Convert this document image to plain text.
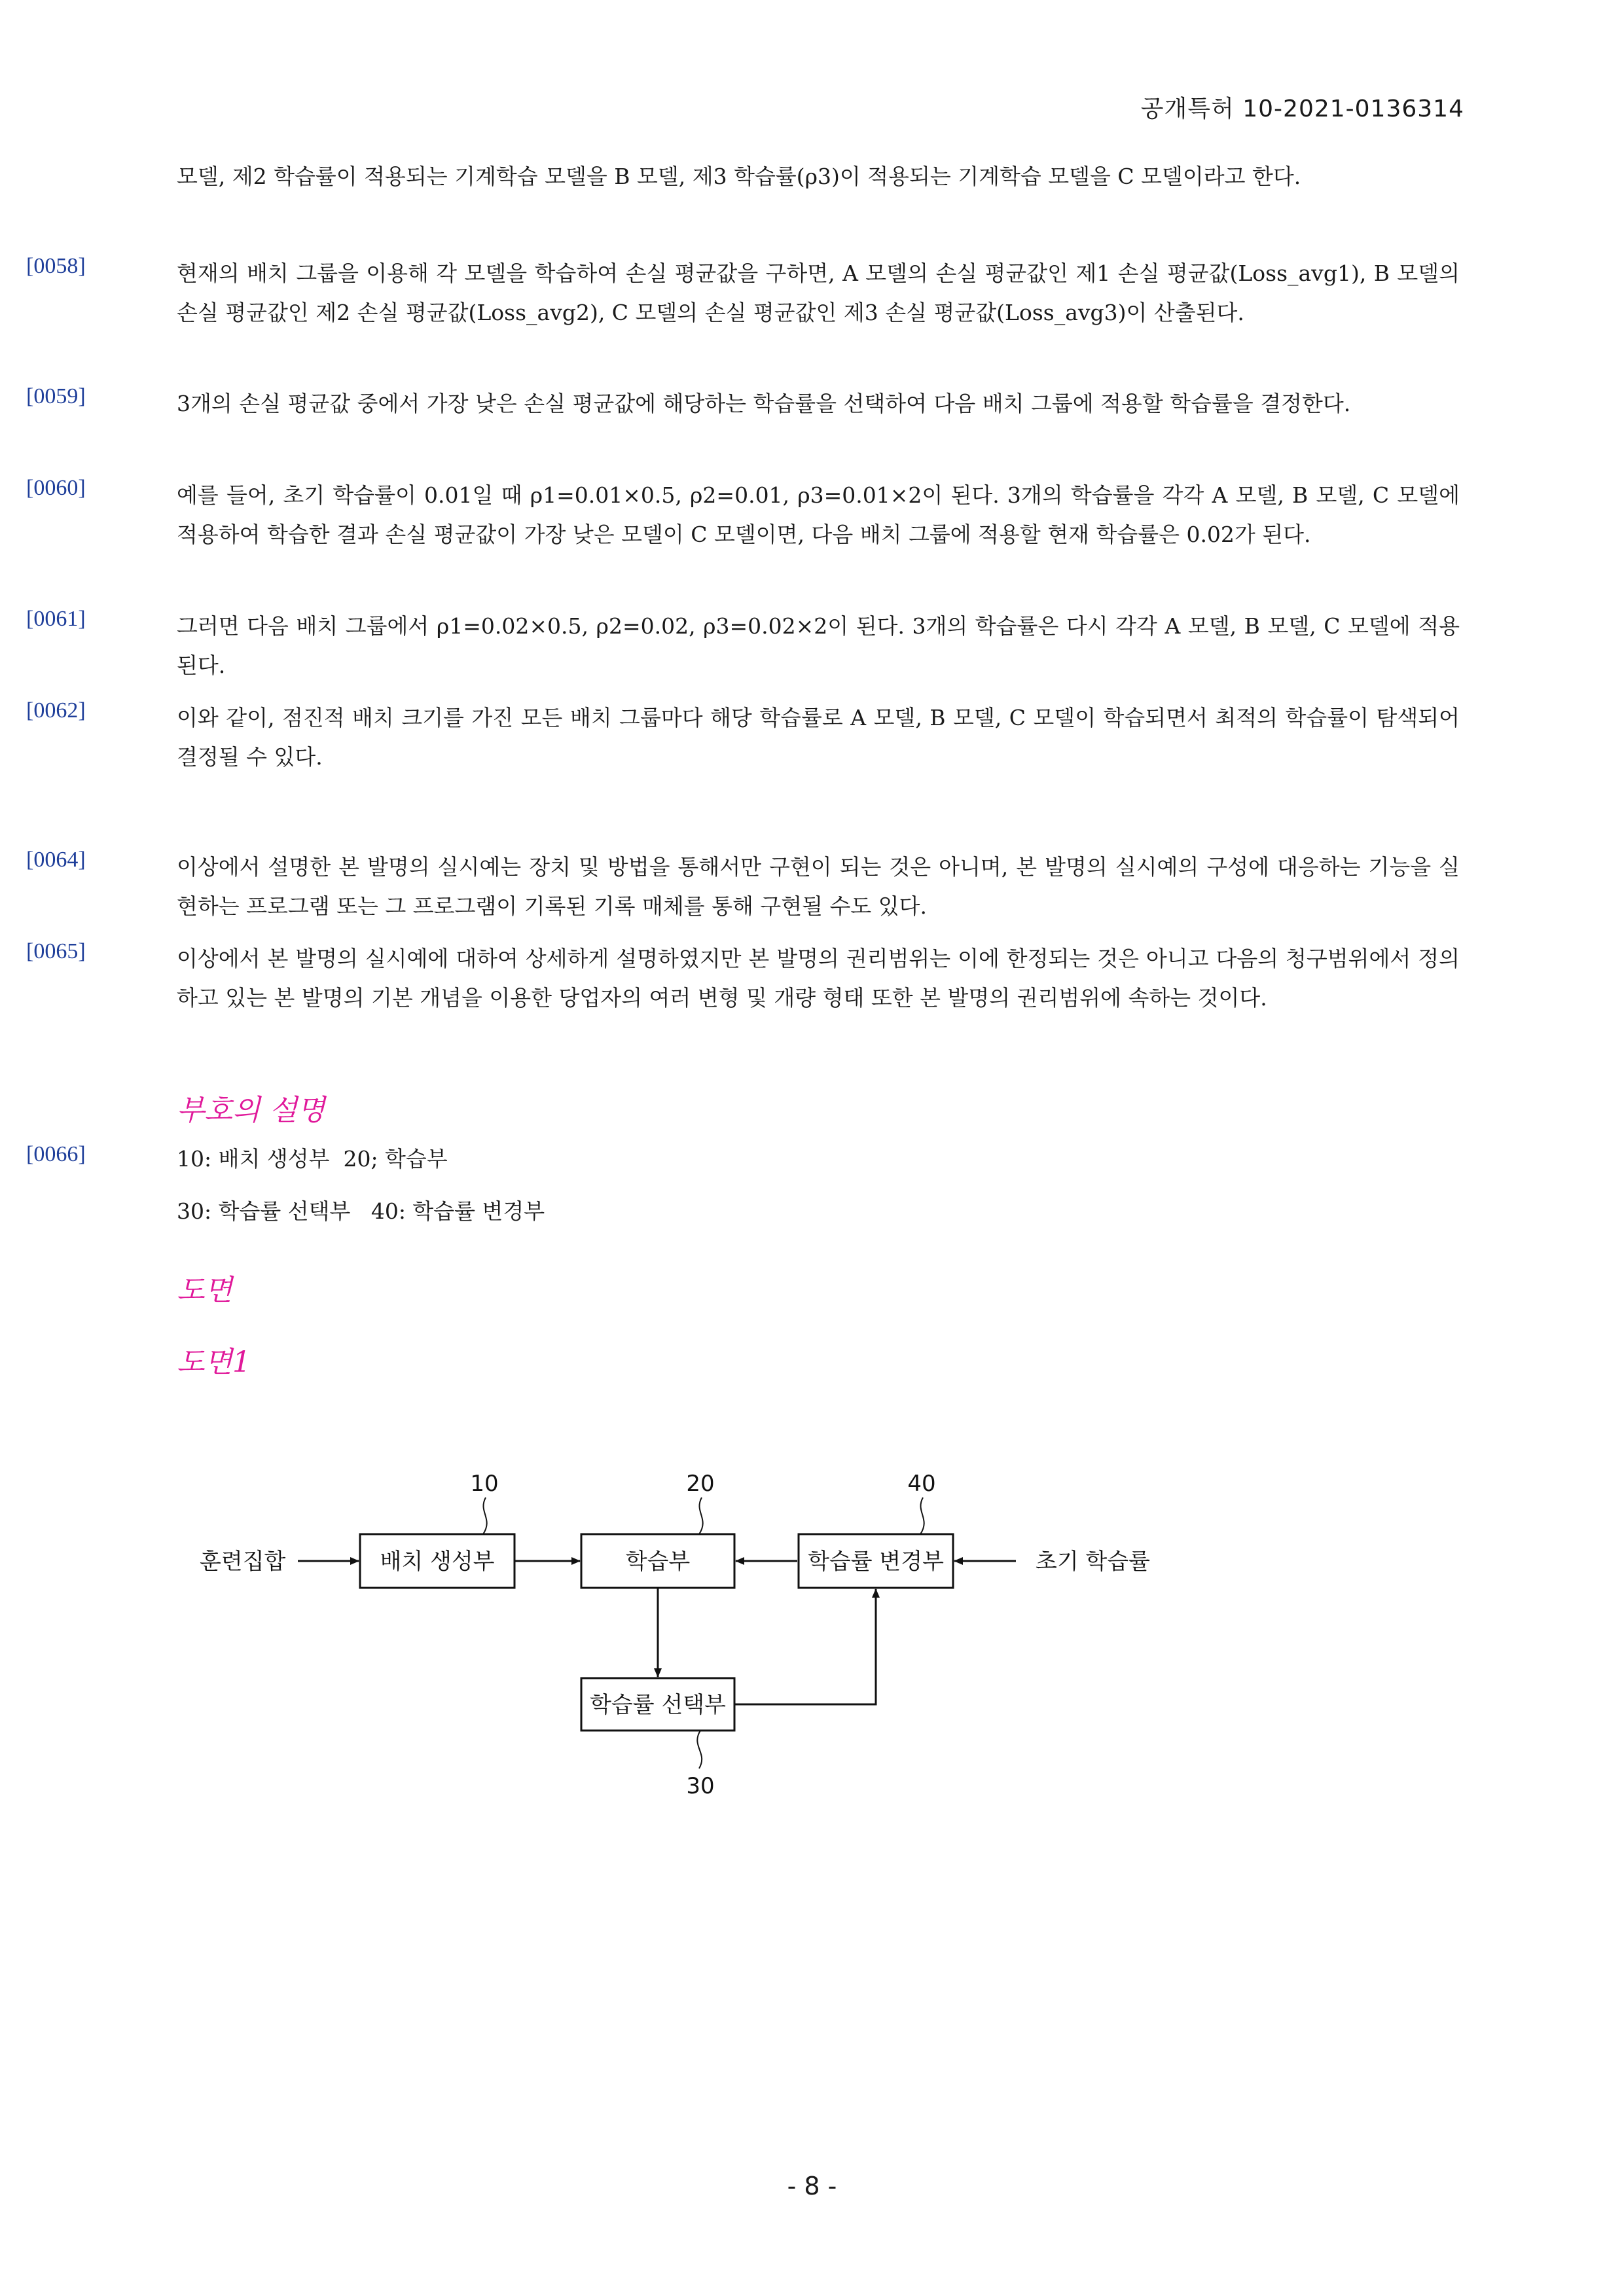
공개특허 10-2021-0136314
모델, 제2 학습률이 적용되는 기계학습 모델을 B 모델, 제3 학습률(ρ3)이 적용되는 기계학습 모델을 C 모델이라고 한다.
[0058]	현재의 배치 그룹을 이용해 각 모델을 학습하여 손실 평균값을 구하면, A 모델의 손실 평균값인 제1 손실 평균값(Loss_avg1), B 모델의 손실 평균값인 제2 손실 평균값(Loss_avg2), C 모델의 손실 평균값인 제3 손실 평균값(Loss_avg3)이 산출된다.
[0059]	3개의 손실 평균값 중에서 가장 낮은 손실 평균값에 해당하는 학습률을 선택하여 다음 배치 그룹에 적용할 학습률을 결정한다.
[0060]	예를 들어, 초기 학습률이 0.01일 때 ρ1=0.01×0.5, ρ2=0.01, ρ3=0.01×2이 된다. 3개의 학습률을 각각 A 모델, B 모델, C 모델에 적용하여 학습한 결과 손실 평균값이 가장 낮은 모델이 C 모델이면, 다음 배치 그룹에 적용할 현재 학습률은 0.02가 된다.
[0061]	그러면 다음 배치 그룹에서 ρ1=0.02×0.5, ρ2=0.02, ρ3=0.02×2이 된다. 3개의 학습률은 다시 각각 A 모델, B 모델, C 모델에 적용된다.
[0062]	이와 같이, 점진적 배치 크기를 가진 모든 배치 그룹마다 해당 학습률로 A 모델, B 모델, C 모델이 학습되면서 최적의 학습률이 탐색되어 결정될 수 있다.
[0064]	이상에서 설명한 본 발명의 실시예는 장치 및 방법을 통해서만 구현이 되는 것은 아니며, 본 발명의 실시예의 구성에 대응하는 기능을 실현하는 프로그램 또는 그 프로그램이 기록된 기록 매체를 통해 구현될 수도 있다.
[0065]	이상에서 본 발명의 실시예에 대하여 상세하게 설명하였지만 본 발명의 권리범위는 이에 한정되는 것은 아니고 다음의 청구범위에서 정의하고 있는 본 발명의 기본 개념을 이용한 당업자의 여러 변형 및 개량 형태 또한 본 발명의 권리범위에 속하는 것이다.
부호의 설명
[0066]	10: 배치 생성부  20; 학습부
30: 학습률 선택부   40: 학습률 변경부
도면
도면1
훈련집합	배치 생성부
10
학습부
20
학습률 변경부
40
초기 학습률
학습률 선택부
30
- 8 -
